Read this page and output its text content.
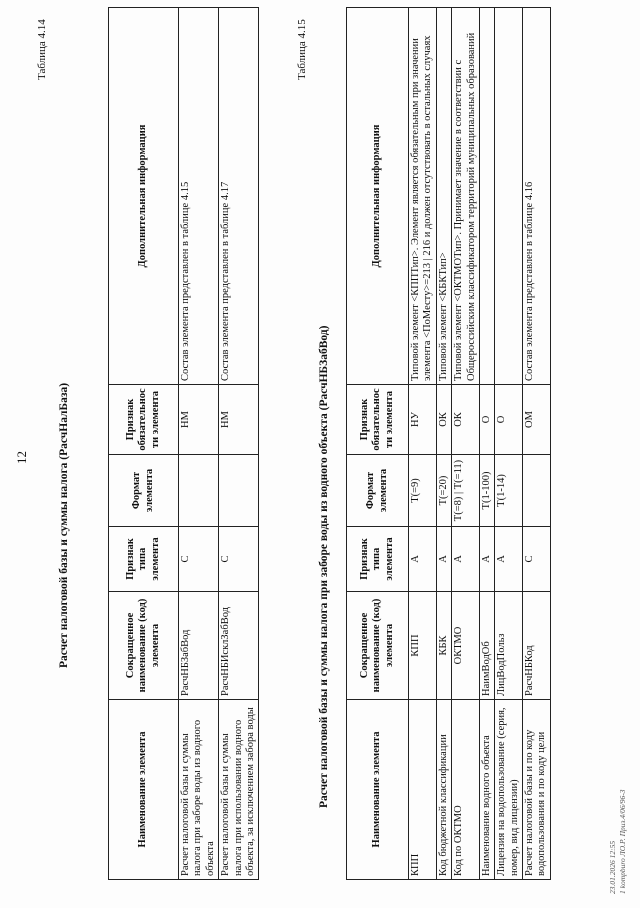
12
Таблица 4.14
Расчет налоговой базы и суммы налога (РасчНалБаза)
Наименование элемента	Сокращенное наименование (код) элемента	Признак типа элемента	Формат элемента	Признак обязательности элемента	Дополнительная информация
Расчет налоговой базы и суммы налога при заборе воды из водного объекта	РасчНБЗабВод	С		НМ	Состав элемента представлен в таблице 4.15
Расчет налоговой базы и суммы налога при использовании водного объекта, за исключением забора воды	РасчНБИсклЗабВод	С		НМ	Состав элемента представлен в таблице 4.17
Таблица 4.15
Расчет налоговой базы и суммы налога при заборе воды из водного объекта (РасчНБЗабВод)	Наименование элемента	Сокращенное наименование (код) элемента	Признак типа элемента	Формат элемента	Признак обязательности элемента	Дополнительная информация
КПП	КПП	А	Т(=9)	НУ	Типовой элемент <КППТип>. Элемент является обязательным при значении элемента <ПоМесту>=213 | 216 и должен отсутствовать в остальных случаях
Код бюджетной классификации	КБК	А	Т(=20)	ОК	Типовой элемент <КБКТип>
Код по ОКТМО	ОКТМО	А	Т(=8) | Т(=11)	ОК	Типовой элемент <ОКТМОТип>. Принимает значение в соответствии с Общероссийским классификатором территорий муниципальных образований
Наименование водного объекта	НаимВодОб	А	Т(1-100)	О	
Лицензия на водопользование (серия, номер, вид лицензии)	ЛицВодПольз	А	Т(1-14)	О	
Расчет налоговой базы и по коду водопользования и по коду цели	РасчНБКод	С		ОМ	Состав элемента представлен в таблице 4.16
23.01.2026 12:55 1 kompburo ЛО.Р. Приз.4/06/96-3
